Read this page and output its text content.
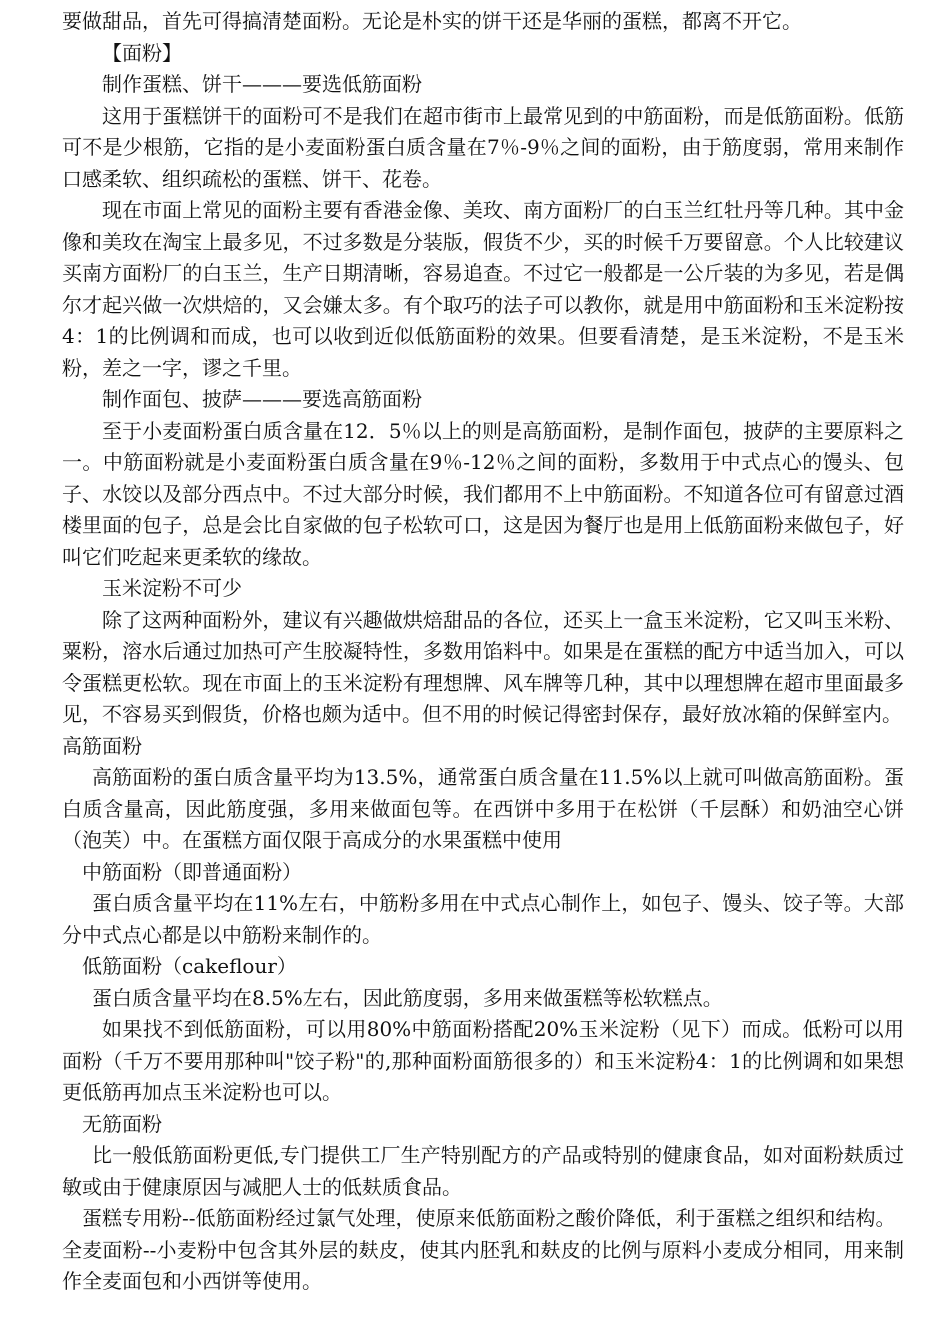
要做甜品，首先可得搞清楚面粉。无论是朴实的饼干还是华丽的蛋糕，都离不开它。

【面粉】

制作蛋糕、饼干———要选低筋面粉

这用于蛋糕饼干的面粉可不是我们在超市街市上最常见到的中筋面粉，而是低筋面粉。低筋可不是少根筋，它指的是小麦面粉蛋白质含量在7％-9％之间的面粉，由于筋度弱，常用来制作口感柔软、组织疏松的蛋糕、饼干、花卷。

现在市面上常见的面粉主要有香港金像、美玫、南方面粉厂的白玉兰红牡丹等几种。其中金像和美玫在淘宝上最多见，不过多数是分装版，假货不少，买的时候千万要留意。个人比较建议买南方面粉厂的白玉兰，生产日期清晰，容易追查。不过它一般都是一公斤装的为多见，若是偶尔才起兴做一次烘焙的，又会嫌太多。有个取巧的法子可以教你，就是用中筋面粉和玉米淀粉按4：1的比例调和而成，也可以收到近似低筋面粉的效果。但要看清楚，是玉米淀粉，不是玉米粉，差之一字，谬之千里。

制作面包、披萨———要选高筋面粉

至于小麦面粉蛋白质含量在12．5％以上的则是高筋面粉，是制作面包，披萨的主要原料之一。中筋面粉就是小麦面粉蛋白质含量在9％-12％之间的面粉，多数用于中式点心的馒头、包子、水饺以及部分西点中。不过大部分时候，我们都用不上中筋面粉。不知道各位可有留意过酒楼里面的包子，总是会比自家做的包子松软可口，这是因为餐厅也是用上低筋面粉来做包子，好叫它们吃起来更柔软的缘故。

玉米淀粉不可少

除了这两种面粉外，建议有兴趣做烘焙甜品的各位，还买上一盒玉米淀粉，它又叫玉米粉、粟粉，溶水后通过加热可产生胶凝特性，多数用馅料中。如果是在蛋糕的配方中适当加入，可以令蛋糕更松软。现在市面上的玉米淀粉有理想牌、风车牌等几种，其中以理想牌在超市里面最多见，不容易买到假货，价格也颇为适中。但不用的时候记得密封保存，最好放冰箱的保鲜室内。

高筋面粉

高筋面粉的蛋白质含量平均为13.5%，通常蛋白质含量在11.5%以上就可叫做高筋面粉。蛋白质含量高，因此筋度强，多用来做面包等。在西饼中多用于在松饼（千层酥）和奶油空心饼（泡芙）中。在蛋糕方面仅限于高成分的水果蛋糕中使用

中筋面粉（即普通面粉）

蛋白质含量平均在11%左右，中筋粉多用在中式点心制作上，如包子、馒头、饺子等。大部分中式点心都是以中筋粉来制作的。

低筋面粉（cakeflour）

蛋白质含量平均在8.5%左右，因此筋度弱，多用来做蛋糕等松软糕点。

如果找不到低筋面粉，可以用80%中筋面粉搭配20%玉米淀粉（见下）而成。低粉可以用面粉（千万不要用那种叫"饺子粉"的,那种面粉面筋很多的）和玉米淀粉4：1的比例调和如果想更低筋再加点玉米淀粉也可以。

无筋面粉

比一般低筋面粉更低,专门提供工厂生产特别配方的产品或特别的健康食品，如对面粉麸质过敏或由于健康原因与减肥人士的低麸质食品。

蛋糕专用粉--低筋面粉经过氯气处理，使原来低筋面粉之酸价降低，利于蛋糕之组织和结构。

全麦面粉--小麦粉中包含其外层的麸皮，使其内胚乳和麸皮的比例与原料小麦成分相同，用来制作全麦面包和小西饼等使用。
